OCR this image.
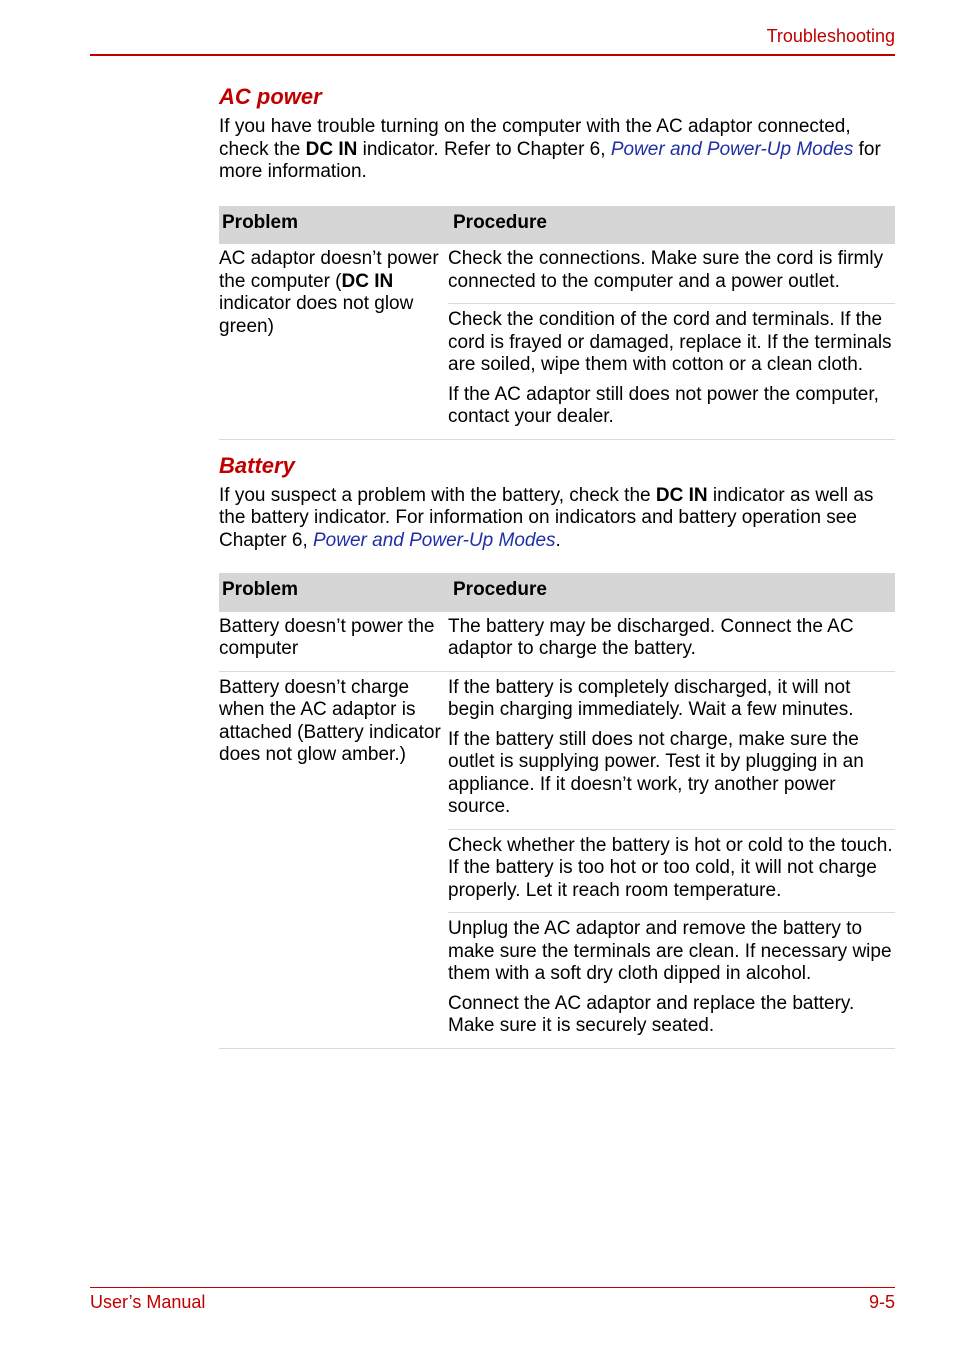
Troubleshooting
AC power

If you have trouble turning on the computer with the AC adaptor connected, check the DC IN indicator. Refer to Chapter 6, Power and Power-Up Modes for more information.

Problem	Procedure
AC adaptor doesn’t power the computer (DC IN indicator does not glow green)	Check the connections. Make sure the cord is firmly connected to the computer and a power outlet.

	Check the condition of the cord and terminals. If the cord is frayed or damaged, replace it. If the terminals are soiled, wipe them with cotton or a clean cloth.

If the AC adaptor still does not power the computer, contact your dealer.

Battery

If you suspect a problem with the battery, check the DC IN indicator as well as the battery indicator. For information on indicators and battery operation see Chapter 6, Power and Power-Up Modes.

Problem	Procedure
Battery doesn’t power the computer	The battery may be discharged. Connect the AC adaptor to charge the battery.

Battery doesn’t charge when the AC adaptor is attached (Battery indicator does not glow amber.)	If the battery is completely discharged, it will not begin charging immediately. Wait a few minutes.

If the battery still does not charge, make sure the outlet is supplying power. Test it by plugging in an appliance. If it doesn’t work, try another power source.

	Check whether the battery is hot or cold to the touch. If the battery is too hot or too cold, it will not charge properly. Let it reach room temperature.

	Unplug the AC adaptor and remove the battery to make sure the terminals are clean. If necessary wipe them with a soft dry cloth dipped in alcohol.

Connect the AC adaptor and replace the battery. Make sure it is securely seated.

User’s Manual	9-5
